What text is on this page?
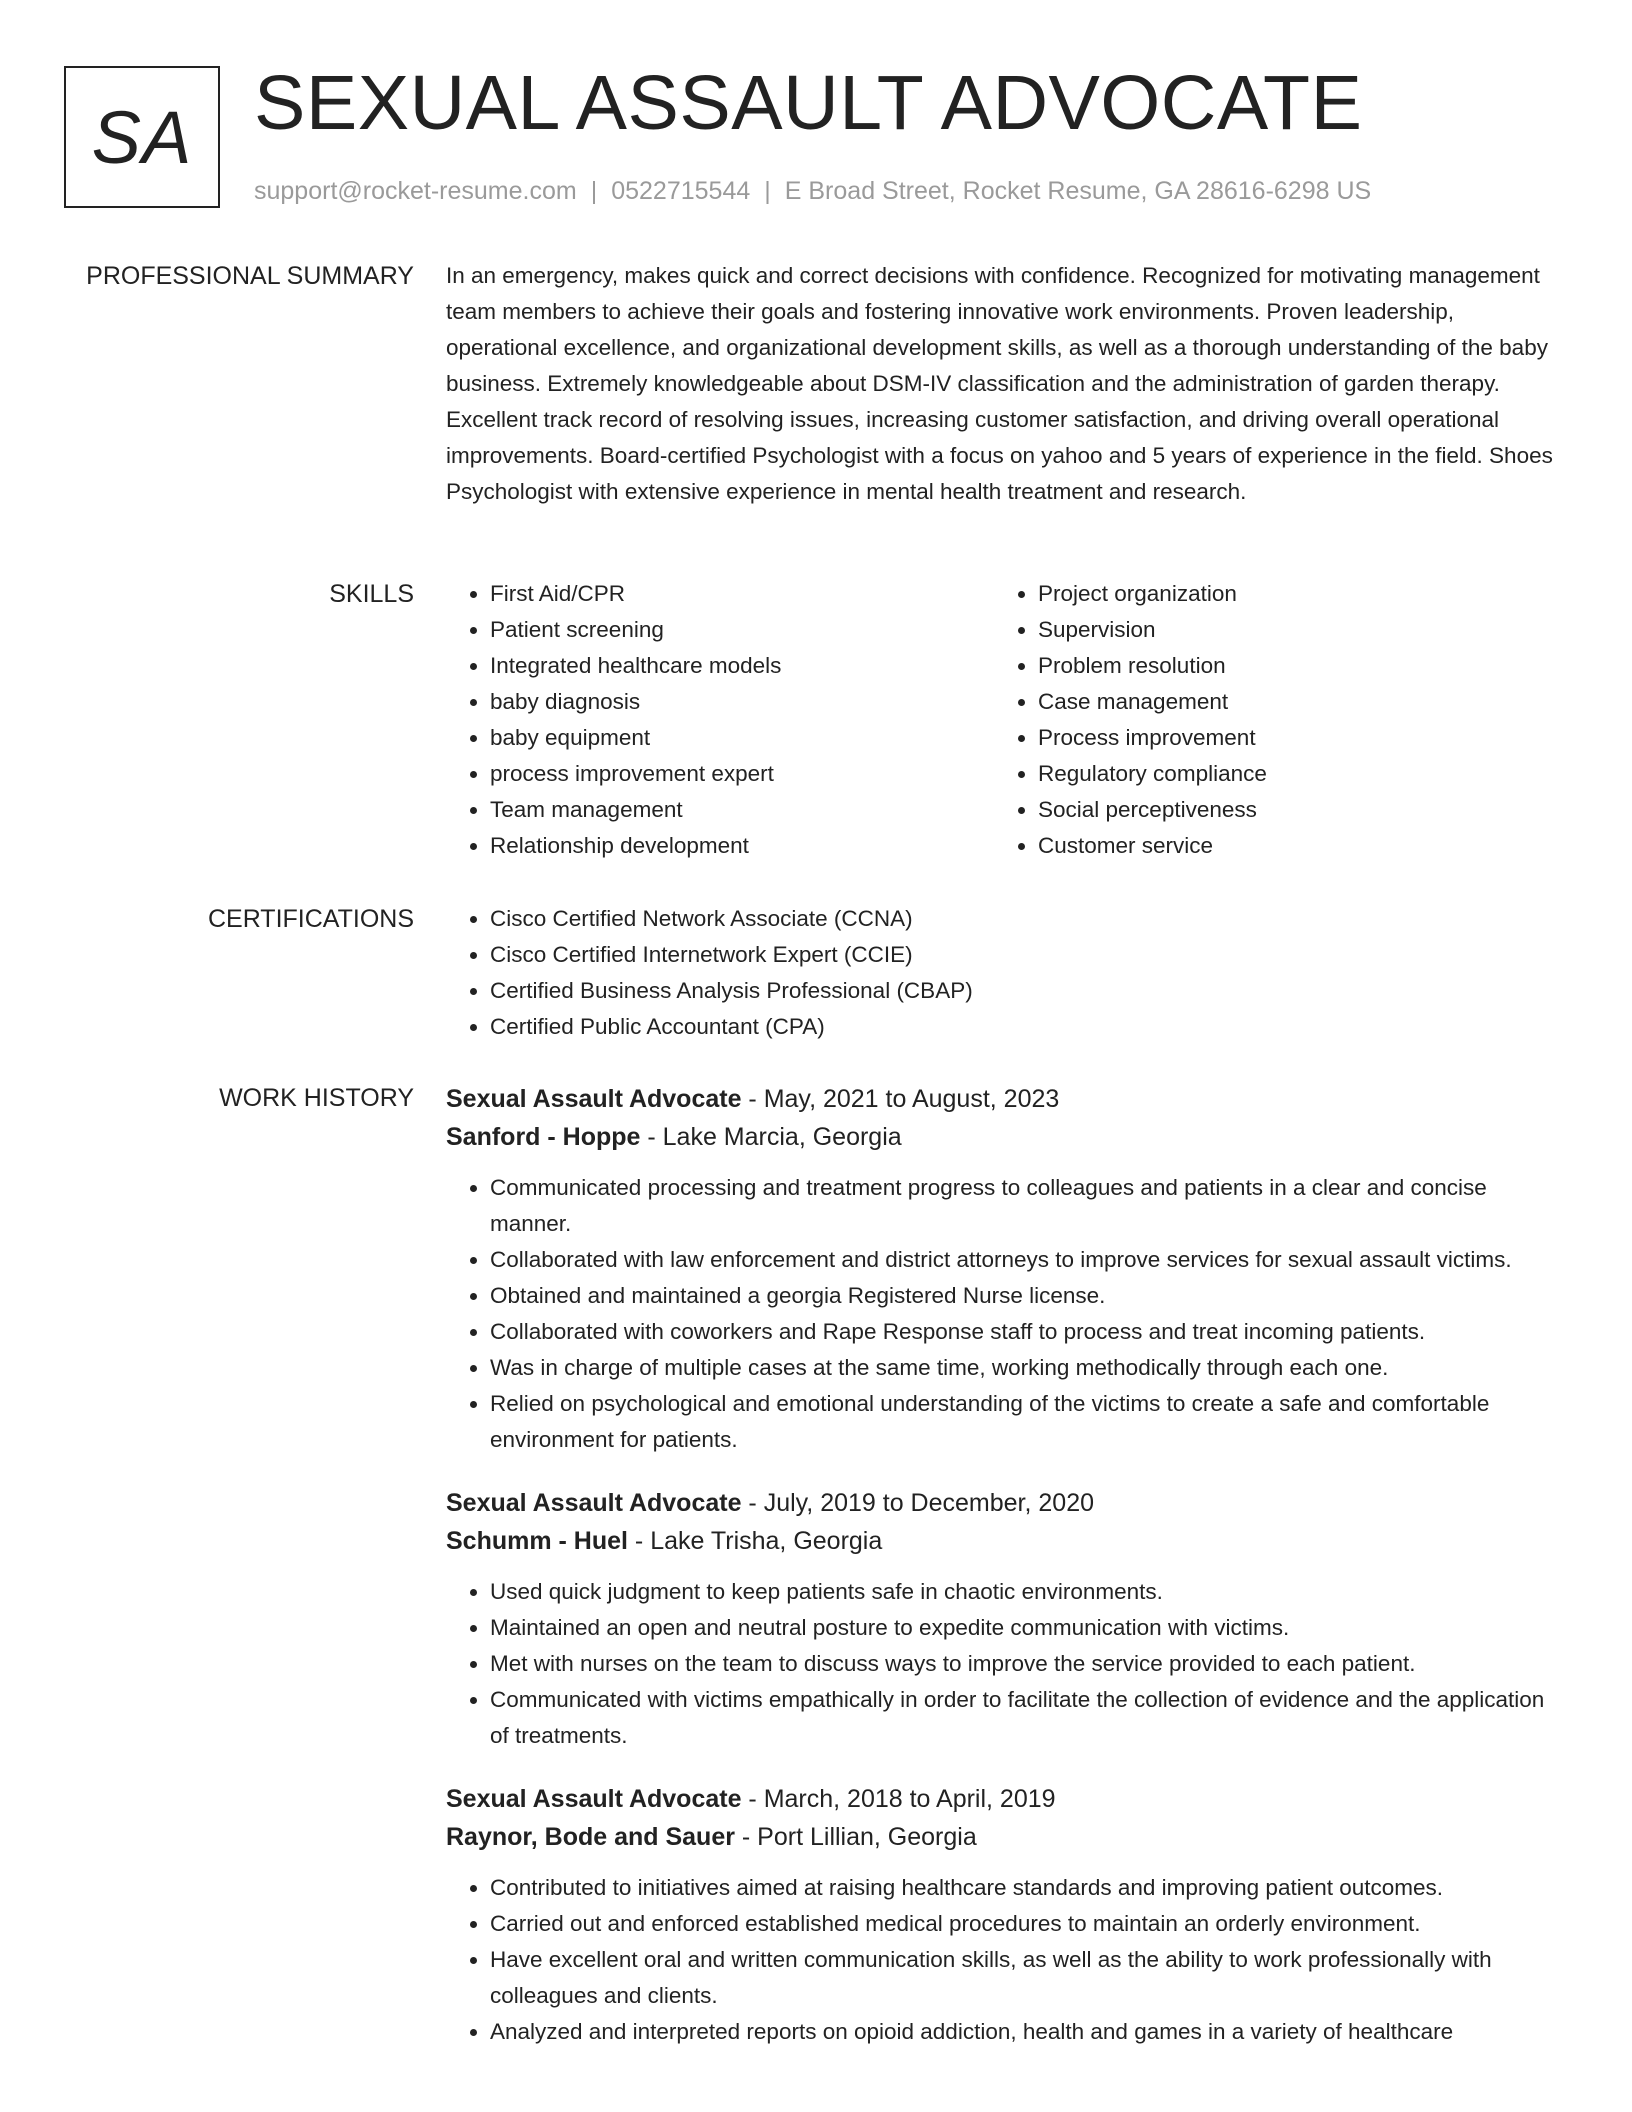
SA SEXUAL ASSAULT ADVOCATE
support@rocket-resume.com | 0522715544 | E Broad Street, Rocket Resume, GA 28616-6298 US
PROFESSIONAL SUMMARY In an emergency, makes quick and correct decisions with confidence. Recognized for motivating management team members to achieve their goals and fostering innovative work environments. Proven leadership, operational excellence, and organizational development skills, as well as a thorough understanding of the baby business. Extremely knowledgeable about DSM-IV classification and the administration of garden therapy. Excellent track record of resolving issues, increasing customer satisfaction, and driving overall operational improvements. Board-certified Psychologist with a focus on yahoo and 5 years of experience in the field. Shoes Psychologist with extensive experience in mental health treatment and research.

SKILLS	• First Aid/CPR
• Patient screening
• Integrated healthcare models
• baby diagnosis
• baby equipment
• process improvement expert
• Team management
• Relationship development
• Project organization
• Supervision
• Problem resolution
• Case management
• Process improvement
• Regulatory compliance
• Social perceptiveness
• Customer service
CERTIFICATIONS	• Cisco Certified Network Associate (CCNA)
• Cisco Certified Internetwork Expert (CCIE)
• Certified Business Analysis Professional (CBAP)
• Certified Public Accountant (CPA)
WORK HISTORY Sexual Assault Advocate - May, 2021 to August, 2023
Sanford - Hoppe - Lake Marcia, Georgia
• Communicated processing and treatment progress to colleagues and patients in a clear and concise manner.
• Collaborated with law enforcement and district attorneys to improve services for sexual assault victims.
• Obtained and maintained a georgia Registered Nurse license.
• Collaborated with coworkers and Rape Response staff to process and treat incoming patients.
• Was in charge of multiple cases at the same time, working methodically through each one.
• Relied on psychological and emotional understanding of the victims to create a safe and comfortable environment for patients.
Sexual Assault Advocate - July, 2019 to December, 2020
Schumm - Huel - Lake Trisha, Georgia
• Used quick judgment to keep patients safe in chaotic environments.
• Maintained an open and neutral posture to expedite communication with victims.
• Met with nurses on the team to discuss ways to improve the service provided to each patient.
• Communicated with victims empathically in order to facilitate the collection of evidence and the application of treatments.
Sexual Assault Advocate - March, 2018 to April, 2019
Raynor, Bode and Sauer - Port Lillian, Georgia
• Contributed to initiatives aimed at raising healthcare standards and improving patient outcomes.
• Carried out and enforced established medical procedures to maintain an orderly environment.
• Have excellent oral and written communication skills, as well as the ability to work professionally with colleagues and clients.
• Analyzed and interpreted reports on opioid addiction, health and games in a variety of healthcare
